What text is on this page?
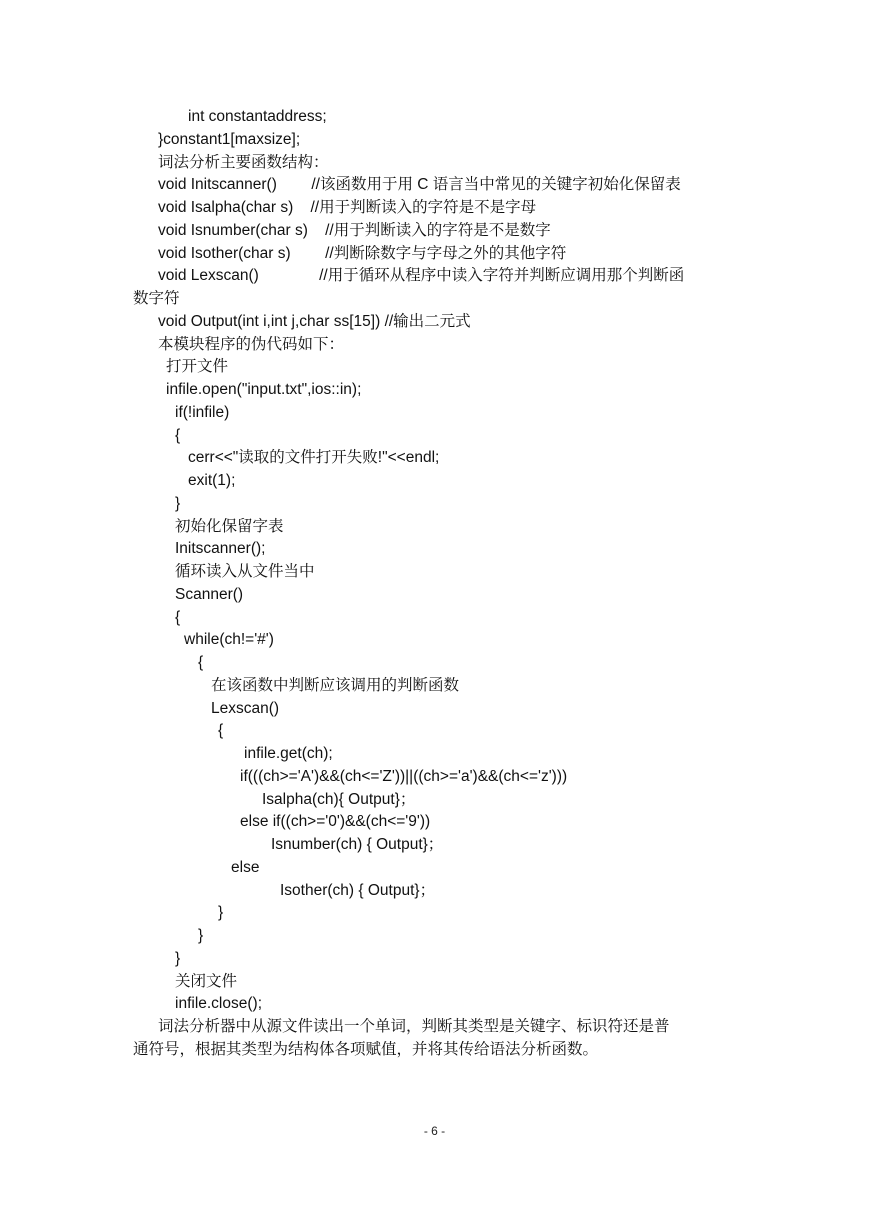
int constantaddress;
}constant1[maxsize];
词法分析主要函数结构：
void Initscanner()        //该函数用于用 C 语言当中常见的关键字初始化保留表
void Isalpha(char s)    //用于判断读入的字符是不是字母
void Isnumber(char s)    //用于判断读入的字符是不是数字
void Isother(char s)        //判断除数字与字母之外的其他字符
void Lexscan()              //用于循环从程序中读入字符并判断应调用那个判断函
数字符
void Output(int i,int j,char ss[15]) //输出二元式
本模块程序的伪代码如下：
打开文件
infile.open("input.txt",ios::in);
if(!infile)
{
cerr<<"读取的文件打开失败!"<<endl;
exit(1);
}
初始化保留字表
Initscanner();
循环读入从文件当中
Scanner()
{
while(ch!='#')
{
在该函数中判断应该调用的判断函数
Lexscan()
{
infile.get(ch);
if(((ch>='A')&&(ch<='Z'))||((ch>='a')&&(ch<='z')))
Isalpha(ch){ Output}；
else if((ch>='0')&&(ch<='9'))
Isnumber(ch) { Output}；
else
Isother(ch) { Output}；
}
}
}
关闭文件
infile.close();
词法分析器中从源文件读出一个单词，判断其类型是关键字、标识符还是普
通符号，根据其类型为结构体各项赋值，并将其传给语法分析函数。
- 6 -
